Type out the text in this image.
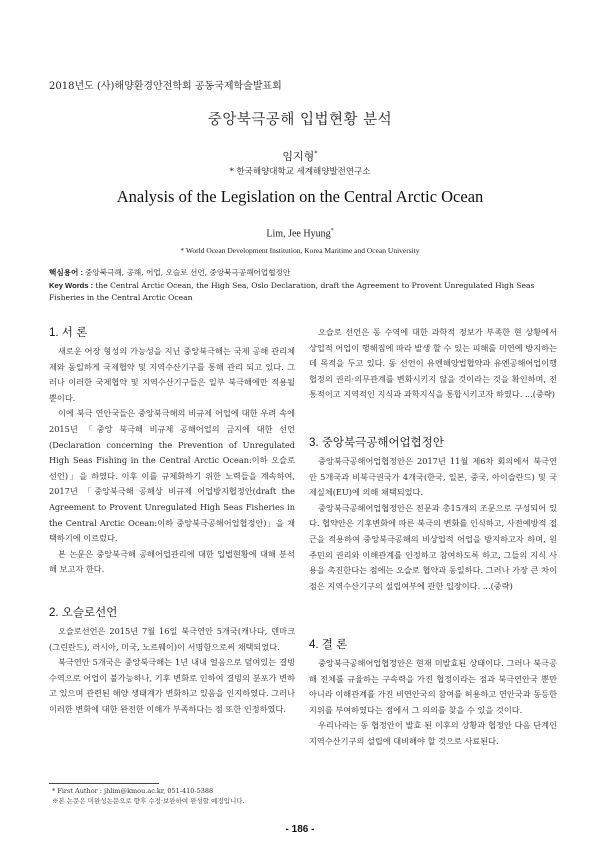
2018년도 (사)해양환경안전학회 공동국제학술발표회
중앙북극공해 입법현황 분석
임지형*
* 한국해양대학교 세계해양발전연구소
Analysis of the Legislation on the Central Arctic Ocean
Lim, Jee Hyung*
* World Ocean Development Institution, Korea Maritime and Ocean University
핵심용어 : 중앙북극해, 공해, 어업, 오슬로 선언, 중앙북극공해어업협정안
Key Words : the Central Arctic Ocean, the High Sea, Oslo Declaration, draft the Agreement to Provent Unregulated High Seas Fisheries in the Central Arctic Ocean
1. 서 론

새로운 어장 형성의 가능성을 지닌 중앙북극해는 국제 공해 관리체제와 동일하게 국제협약 및 지역수산기구를 통해 관리 되고 있다. 그러나 이러한 국제협약 및 지역수산기구들은 일부 북극해에만 적용될 뿐이다.

이에 북극 연안국들은 중앙북극해의 비규제 어업에 대한 우려 속에 2015년 「중앙 북극해 비규제 공해어업의 금지에 대한 선언(Declaration concerning the Prevention of Unregulated High Seas Fishing in the Central Arctic Ocean:이하 오슬로 선언)」을 하였다. 이후 이를 규제화하기 위한 노력들을 계속하여, 2017년 「중앙북극해 공해상 비규제 어업방지협정안(draft the Agreement to Provent Unregulated High Seas Fisheries in the Central Arctic Ocean:이하 중앙북극공해어업협정안)」을 채택하기에 이르렀다.

본 논문은 중앙북극해 공해어업관리에 대한 입법현황에 대해 분석해 보고자 한다.

2. 오슬로선언

오슬로선언은 2015년 7월 16일 북극연안 5개국(캐나다, 덴마크(그린란드), 러시아, 미국, 노르웨이)이 서명함으로써 채택되었다.

북극연안 5개국은 중앙북극해는 1년 내내 얼음으로 덮여있는 결빙수역으로 어업이 불가능하나, 기후 변화로 인하여 결빙의 분포가 변하고 있으며 관련된 해양 생태계가 변화하고 있음을 인지하였다. 그러나 이러한 변화에 대한 완전한 이해가 부족하다는 점 또한 인정하였다.

오슬로 선언은 동 수역에 대한 과학적 정보가 부족한 현 상황에서 상업적 어업이 행해짐에 따라 발생 할 수 있는 피해를 미연에 방지하는 데 목적을 두고 있다. 동 선언이 유엔해양법협약과 유엔공해어업이행협정의 권리·의무관계를 변화시키지 않을 것이라는 것을 확인하며, 전통적이고 지역적인 지식과 과학지식을 통합시키고자 하였다. ...(중략)

3. 중앙북극공해어업협정안

중앙북극공해어업협정안은 2017년 11월 제6차 회의에서 북극연안 5개국과 비북극권국가 4개국(한국, 일본, 중국, 아이슬란드) 및 국제실체(EU)에 의해 채택되었다.

중앙북극공해어업협정안은 전문과 총15개의 조문으로 구성되어 있다. 협약안은 기후변화에 따른 북극의 변화를 인식하고, 사전예방적 접근을 적용하여 중앙북극공해의 비상업적 어업을 방지하고자 하며, 원주민의 권리와 이해관계를 인정하고 참여하도록 하고, 그들의 지식 사용을 촉진한다는 점에는 오슬로 협약과 동일하다. 그러나 가장 큰 차이점은 지역수산기구의 설립여부에 관한 입장이다. ...(중략)

4. 결 론

중앙북극공해어업협정안은 현재 미발효된 상태이다. 그러나 북극공해 전체를 규율하는 구속력을 가진 협정이라는 점과 북극연안국 뿐만 아니라 이해관계를 가진 비연안국의 참여를 허용하고 연안국과 동등한 지위를 부여하였다는 점에서 그 의의를 찾을 수 있을 것이다.

우리나라는 동 협정안이 발효 된 이후의 상황과 협정안 다음 단계인 지역수산기구의 설립에 대비해야 할 것으로 사료된다.

* First Author : jhlim@kmou.ac.kr, 051-410-5388
※본 논문은 미완성논문으로 향후 수정·보완하여 완성할 예정입니다.
- 186 -
